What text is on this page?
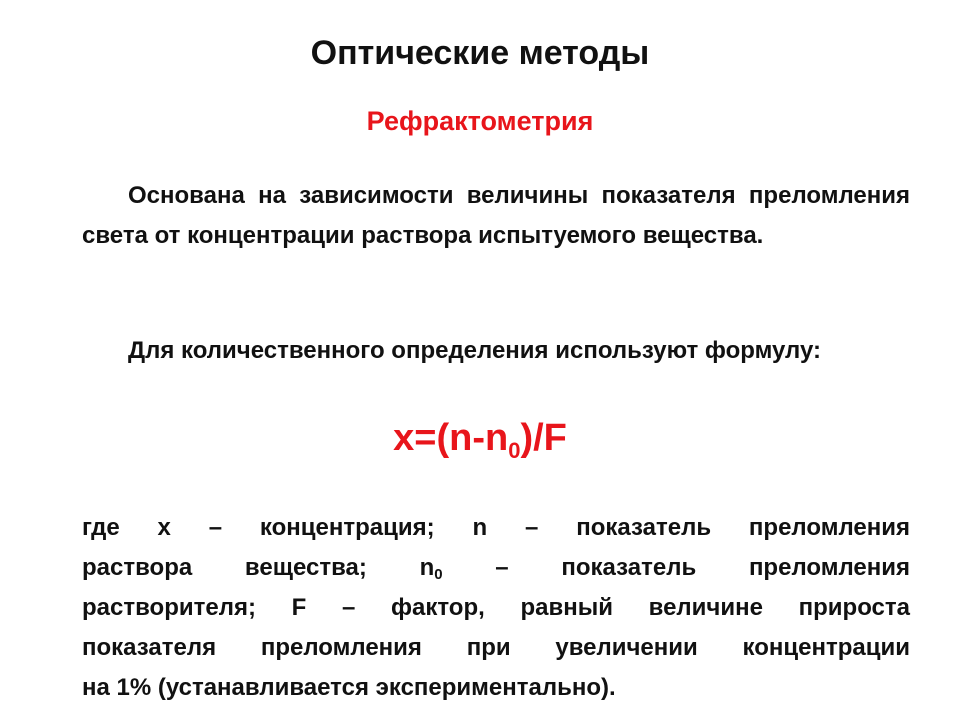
Оптические методы
Рефрактометрия
Основана на зависимости величины показателя преломления света от концентрации раствора испытуемого вещества.
Для количественного определения используют формулу:
$x=(n-n_0)/F$
где x – концентрация; n – показатель преломления
раствора вещества; $n_0$ – показатель преломления
растворителя; F – фактор, равный величине прироста
показателя преломления при увеличении концентрации
на 1% (устанавливается экспериментально).
